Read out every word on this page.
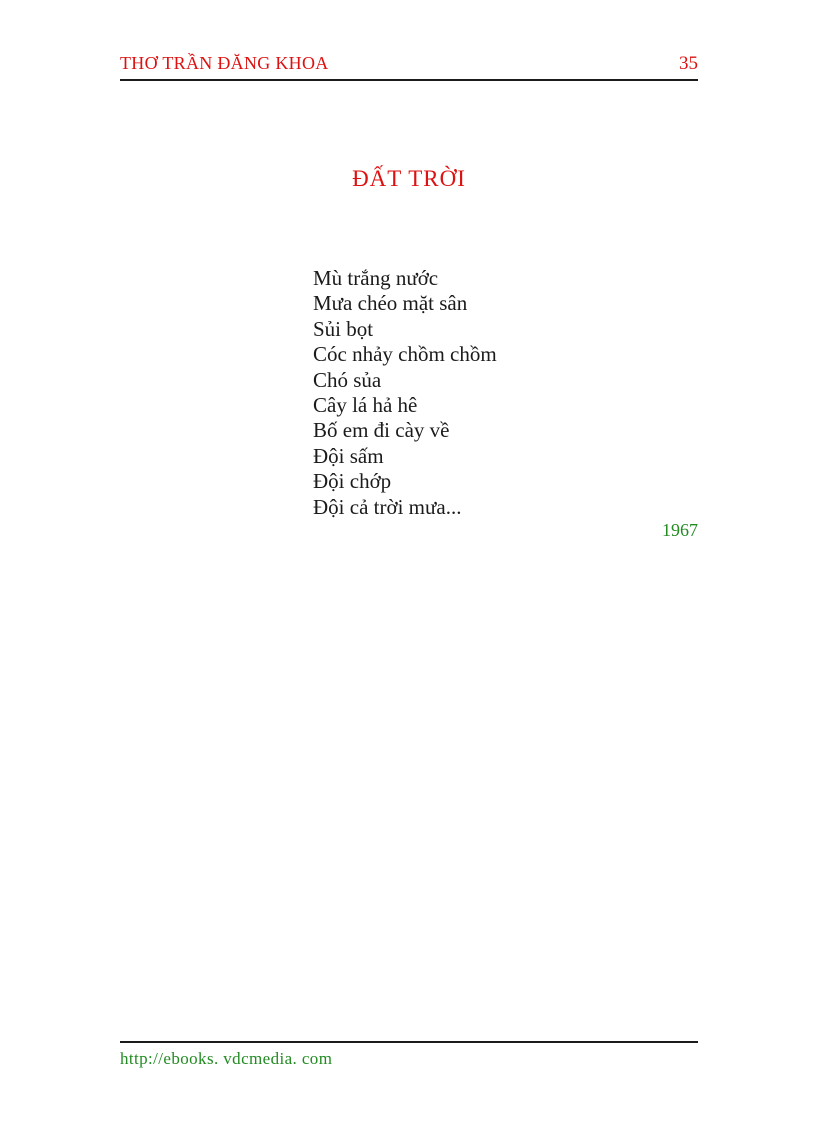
THƠ TRẦN ĐĂNG KHOA	35
ĐẤT TRỜI
Mù trắng nước
Mưa chéo mặt sân
Sủi bọt
Cóc nhảy chồm chồm
Chó sủa
Cây lá hả hê
Bố em đi cày về
Đội sấm
Đội chớp
Đội cả trời mưa...
1967
http://ebooks. vdcmedia. com
